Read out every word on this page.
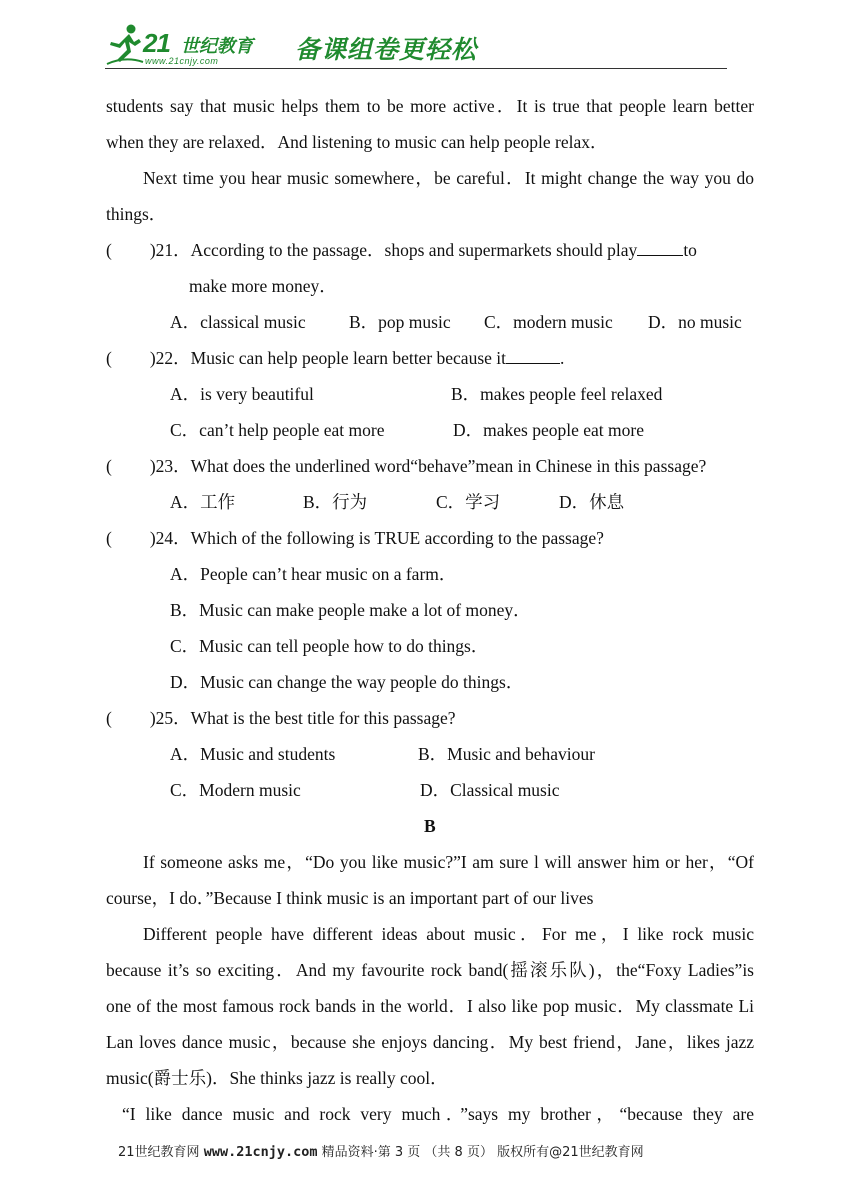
21 世纪教育
www.21cnjy.com	备课组卷更轻松
students say that music helps them to be more active．It is true that people learn better
when they are relaxed．And listening to music can help people relax．
Next time you hear music somewhere，be careful．It might change the way you do
things．
( )21．According to the passage．shops and supermarkets should play	to
make more money．
A．classical music B．pop music C．modern music D．no music
( )22．Music can help people learn better because it	.
A．is very beautiful	B．makes people feel relaxed
C．can’t help people eat more	D．makes people eat more
( )23．What does the underlined word“behave”mean in Chinese in this passage?
A．工作	B．行为	C．学习	D．休息
( )24．Which of the following is TRUE according to the passage?
A．People can’t hear music on a farm．
B．Music can make people make a lot of money．
C．Music can tell people how to do things．
D．Music can change the way people do things．
( )25．What is the best title for this passage?
A．Music and students	B．Music and behaviour
C．Modern music	D．Classical music
B
If someone asks me，“Do you like music?”I am sure l will answer him or her，“Of
course，I do．”Because I think music is an important part of our lives
Different people have different ideas about music．For me，I like rock music
because it’s so exciting．And my favourite rock band(摇滚乐队)，the“Foxy Ladies”is
one of the most famous rock bands in the world．I also like pop music．My classmate Li
Lan loves dance music，because she enjoys dancing．My best friend，Jane，likes jazz
music(爵士乐)．She thinks jazz is really cool．
“I like dance music and rock very much．”says my brother，“because they are
21世纪教育网 www.21cnjy.com 精品资料·第 3 页 （共 8 页） 版权所有@21世纪教育网
